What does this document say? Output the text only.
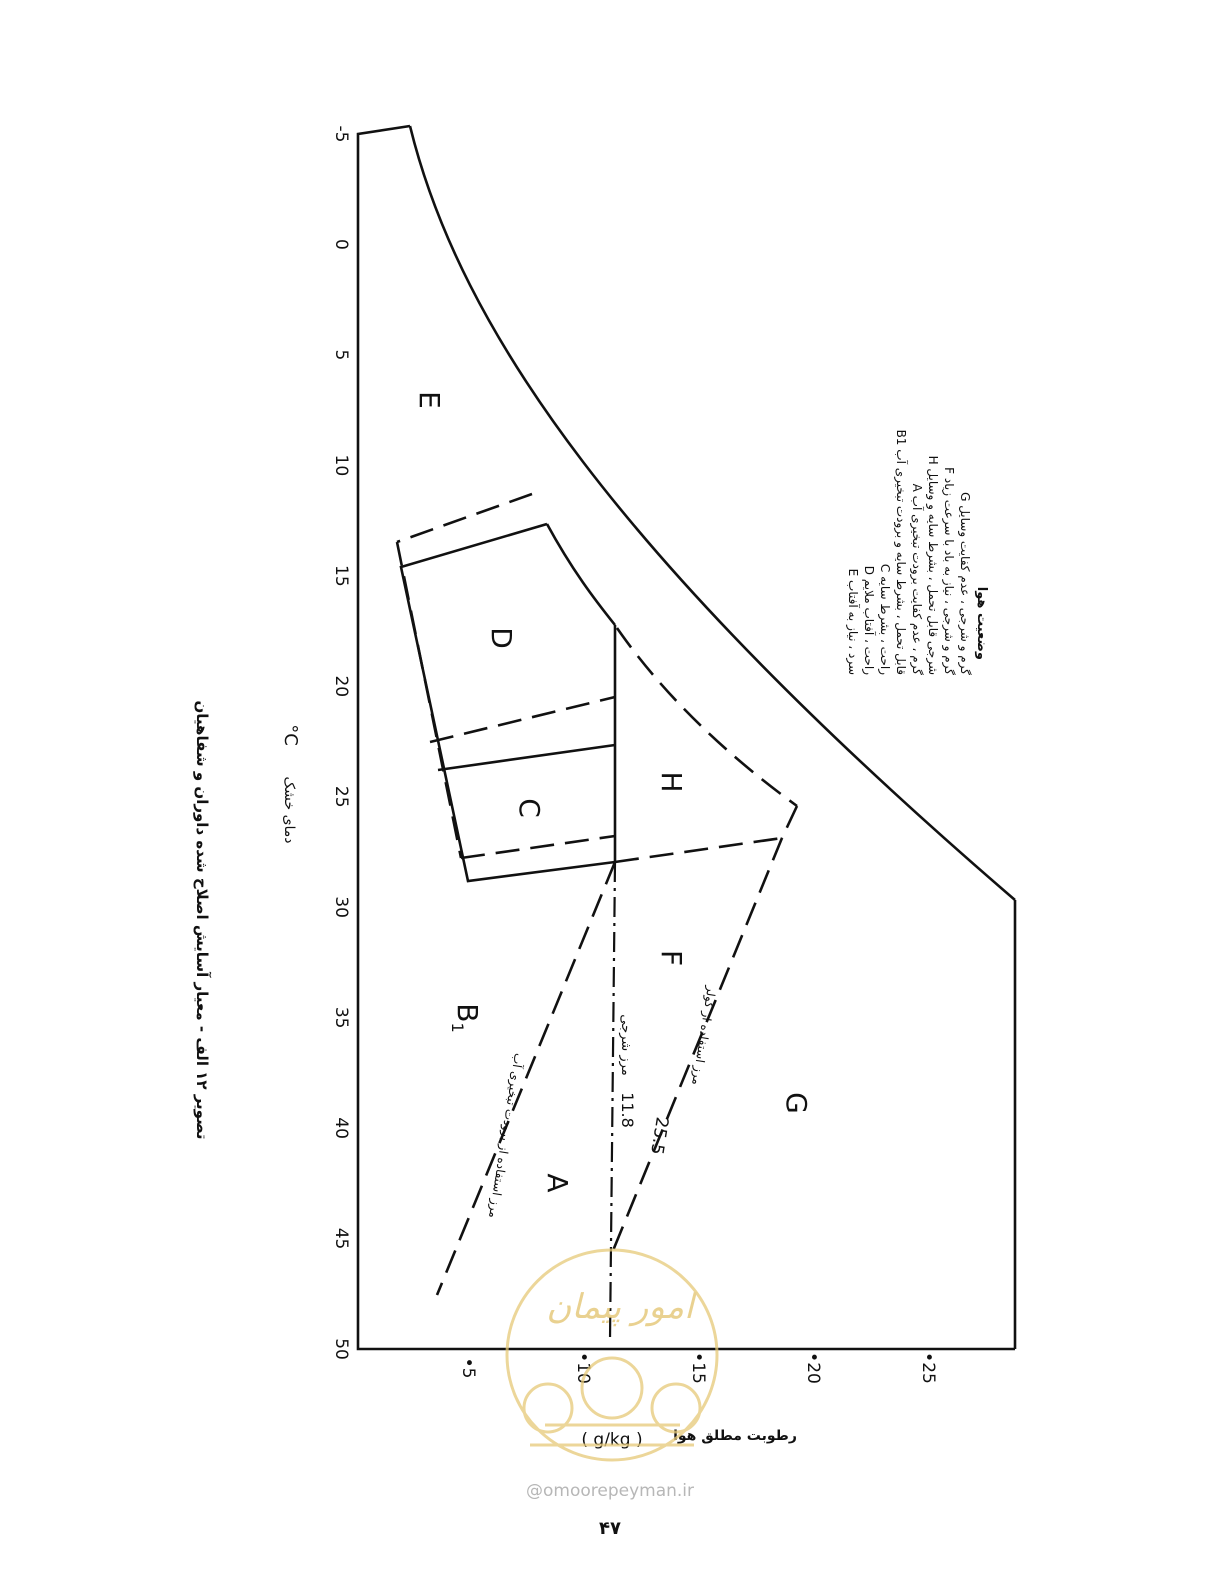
-5
0
5
10
15
20
25
30
35
40
45
50
•5	•10	•15	•20	•25
E
D
C
H
F
$B_1$
A
G
11.8
مرز شرجی
25.5
مرز استفاده از کولر
مرز استفاده از برودت تبخیری آب
وضعیت هوا
G گرم و شرجی ، عدم کفایت وسایل
F گرم و شرجی ، نیاز به باد با سرعت زیاد
H شرجی قابل تحمل ، بشرط سایه و وسایل
A گرم ، عدم کفایت برودت تبخیری آب
B1 قابل تحمل ، بشرط سایه و برودت تبخیری آب
C راحت ، بشرط سایه
D راحت ، آفتاب ملایم
E سرد ، نیاز به آفتاب
°C
دمای خشک
( g/kg ) رطوبت مطلق هوا
تصویر ۱۲ الف - معیار آسایش اصلاح شده داوران و شفاهیان
امور پیمان
@omoorepeyman.ir
۴۷
